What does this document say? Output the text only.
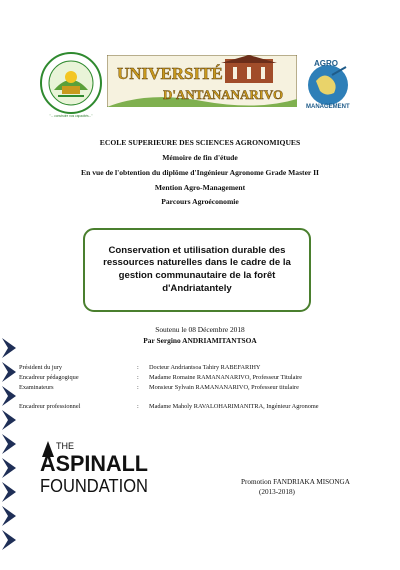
"... construire nos capacités..."
UNIVERSITÉ
D'ANTANANARIVO
AGRO
MANAGEMENT
ECOLE SUPERIEURE DES SCIENCES AGRONOMIQUES
Mémoire de fin d'étude
En vue de l'obtention du diplôme d'Ingénieur Agronome Grade Master II
Mention Agro-Management
Parcours Agroéconomie
Conservation et utilisation durable des ressources naturelles dans le cadre de la gestion communautaire de la forêt d'Andriatantely
Soutenu le 08 Décembre 2018
Par Sergino ANDRIAMITANTSOA
Président du jury	: Docteur Andriantsoa Tahiry RABEFARIHY
Encadreur pédagogique	: Madame Romaine RAMANANARIVO, Professeur Titulaire
Examinateurs	: Monsieur Sylvain RAMANANARIVO, Professeur titulaire
Encadreur professionnel	: Madame Maholy RAVALOHARIMANITRA, Ingénieur Agronome
THE
ASPINALL
FOUNDATION	Promotion FANDRIAKA MISONGA
(2013-2018)
